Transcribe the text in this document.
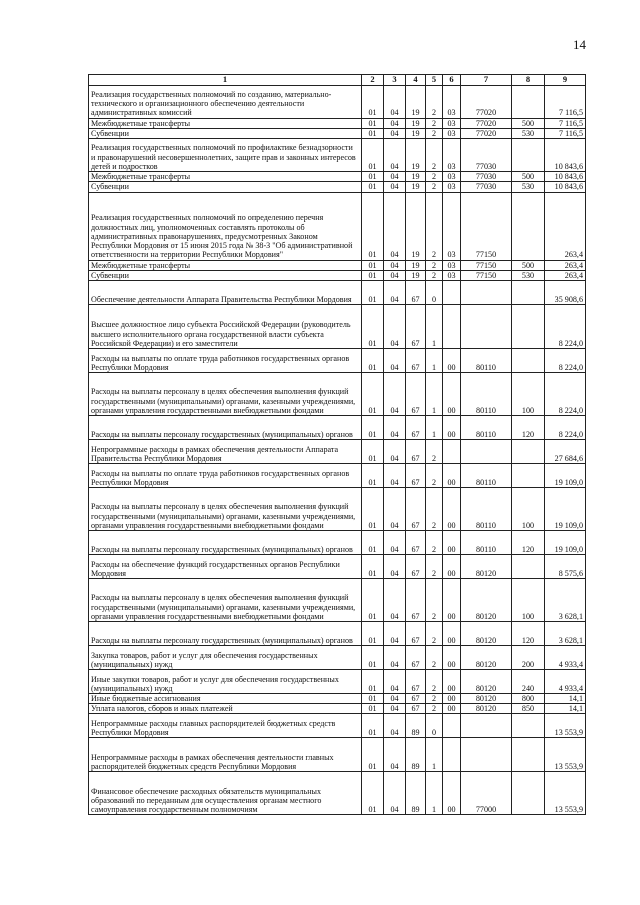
14
1	2	3	4	5	6	7	8	9
Реализация государственных полномочий по созданию, материально-технического и организационного обеспечению деятельности административных комиссий	01	04	19	2	03	77020		7 116,5
Межбюджетные трансферты	01	04	19	2	03	77020	500	7 116,5
Субвенции	01	04	19	2	03	77020	530	7 116,5
Реализация государственных полномочий по профилактике безнадзорности и правонарушений несовершеннолетних, защите прав и законных интересов детей и подростков	01	04	19	2	03	77030		10 843,6
Межбюджетные трансферты	01	04	19	2	03	77030	500	10 843,6
Субвенции	01	04	19	2	03	77030	530	10 843,6
Реализация государственных полномочий по определению перечня должностных лиц, уполномоченных составлять протоколы об административных правонарушениях, предусмотренных Законом Республики Мордовия от 15 июня 2015 года № 38-З "Об административной ответственности на территории Республики Мордовия"	01	04	19	2	03	77150		263,4
Межбюджетные трансферты	01	04	19	2	03	77150	500	263,4
Субвенции	01	04	19	2	03	77150	530	263,4
Обеспечение деятельности Аппарата Правительства Республики Мордовия	01	04	67	0				35 908,6
Высшее должностное лицо субъекта Российской Федерации (руководитель высшего исполнительного органа государственной власти субъекта Российской Федерации) и его заместители	01	04	67	1				8 224,0
Расходы на выплаты по оплате труда работников государственных органов Республики Мордовия	01	04	67	1	00	80110		8 224,0
Расходы на выплаты персоналу в целях обеспечения выполнения функций государственными (муниципальными) органами, казенными учреждениями, органами управления государственными внебюджетными фондами	01	04	67	1	00	80110	100	8 224,0
Расходы на выплаты персоналу государственных (муниципальных) органов	01	04	67	1	00	80110	120	8 224,0
Непрограммные расходы в рамках обеспечения деятельности Аппарата Правительства Республики Мордовия	01	04	67	2				27 684,6
Расходы на выплаты по оплате труда работников государственных органов Республики Мордовия	01	04	67	2	00	80110		19 109,0
Расходы на выплаты персоналу в целях обеспечения выполнения функций государственными (муниципальными) органами, казенными учреждениями, органами управления государственными внебюджетными фондами	01	04	67	2	00	80110	100	19 109,0
Расходы на выплаты персоналу государственных (муниципальных) органов	01	04	67	2	00	80110	120	19 109,0
Расходы на обеспечение функций государственных органов Республики Мордовия	01	04	67	2	00	80120		8 575,6
Расходы на выплаты персоналу в целях обеспечения выполнения функций государственными (муниципальными) органами, казенными учреждениями, органами управления государственными внебюджетными фондами	01	04	67	2	00	80120	100	3 628,1
Расходы на выплаты персоналу государственных (муниципальных) органов	01	04	67	2	00	80120	120	3 628,1
Закупка товаров, работ и услуг для обеспечения государственных (муниципальных) нужд	01	04	67	2	00	80120	200	4 933,4
Иные закупки товаров, работ и услуг для обеспечения государственных (муниципальных) нужд	01	04	67	2	00	80120	240	4 933,4
Иные бюджетные ассигнования	01	04	67	2	00	80120	800	14,1
Уплата налогов, сборов и иных платежей	01	04	67	2	00	80120	850	14,1
Непрограммные расходы главных распорядителей бюджетных средств Республики Мордовия	01	04	89	0				13 553,9
Непрограммные расходы в рамках обеспечения деятельности главных распорядителей бюджетных средств Республики Мордовия	01	04	89	1				13 553,9
Финансовое обеспечение расходных обязательств муниципальных образований по переданным для осуществления органам местного самоуправления государственным полномочиям	01	04	89	1	00	77000		13 553,9
